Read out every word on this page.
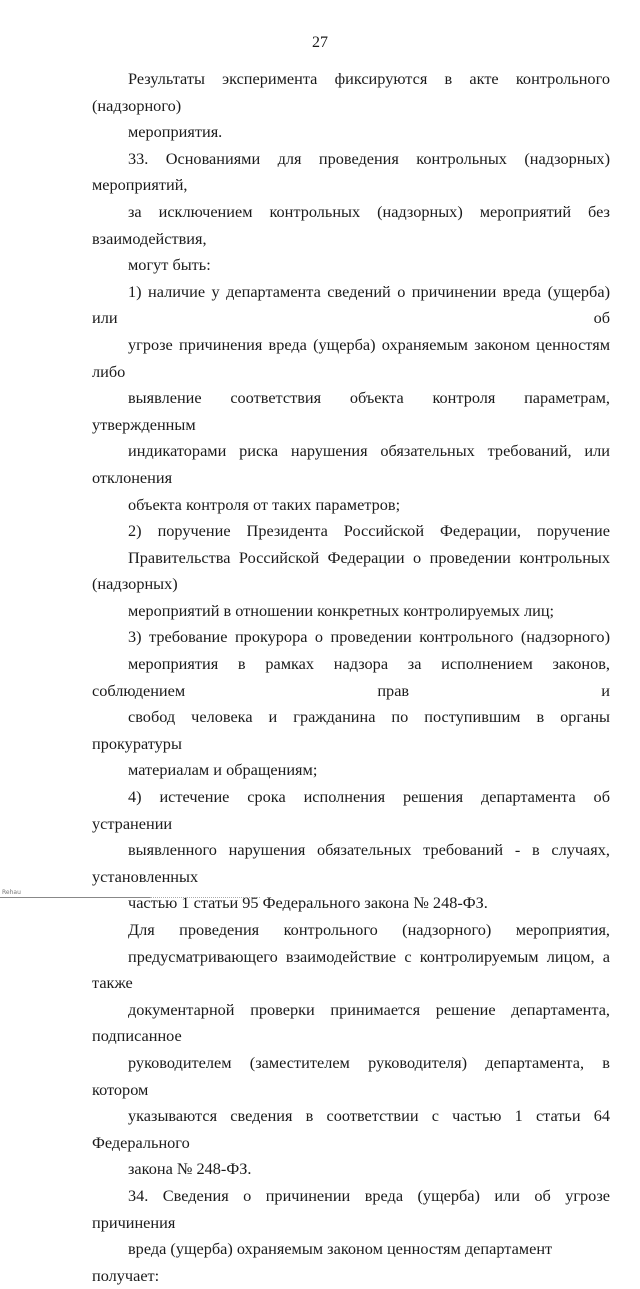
27

Результаты эксперимента фиксируются в акте контрольного (надзорного)
мероприятия.

33. Основаниями для проведения контрольных (надзорных) мероприятий,
за исключением контрольных (надзорных) мероприятий без взаимодействия,
могут быть:

1) наличие у департамента сведений о причинении вреда (ущерба) или об
угрозе причинения вреда (ущерба) охраняемым законом ценностям либо
выявление соответствия объекта контроля параметрам, утвержденным
индикаторами риска нарушения обязательных требований, или отклонения
объекта контроля от таких параметров;

2) поручение Президента Российской Федерации, поручение
Правительства Российской Федерации о проведении контрольных (надзорных)
мероприятий в отношении конкретных контролируемых лиц;

3) требование прокурора о проведении контрольного (надзорного)
мероприятия в рамках надзора за исполнением законов, соблюдением прав и
свобод человека и гражданина по поступившим в органы прокуратуры
материалам и обращениям;

4) истечение срока исполнения решения департамента об устранении
выявленного нарушения обязательных требований - в случаях, установленных
частью 1 статьи 95 Федерального закона № 248-ФЗ.

Для проведения контрольного (надзорного) мероприятия,
предусматривающего взаимодействие с контролируемым лицом, а также
документарной проверки принимается решение департамента, подписанное
руководителем (заместителем руководителя) департамента, в котором
указываются сведения в соответствии с частью 1 статьи 64 Федерального
закона № 248-ФЗ.

34. Сведения о причинении вреда (ущерба) или об угрозе причинения
вреда (ущерба) охраняемым законом ценностям департамент получает:

Rehau
